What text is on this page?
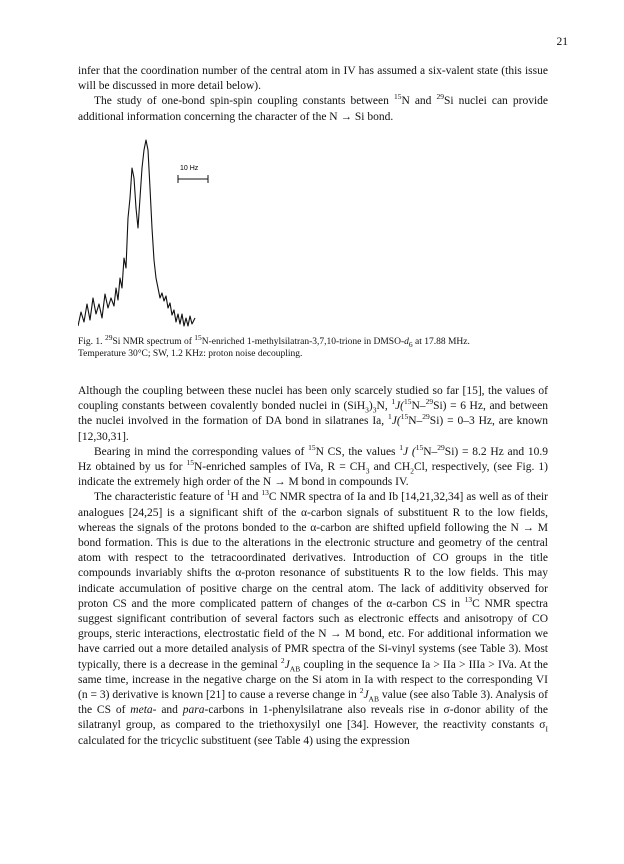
21

infer that the coordination number of the central atom in IV has assumed a six-valent state (this issue will be discussed in more detail below).

The study of one-bond spin-spin coupling constants between $^{15}$N and $^{29}$Si nuclei can provide additional information concerning the character of the N → Si bond.

10 Hz

Fig. 1. $^{29}$Si NMR spectrum of $^{15}$N-enriched 1-methylsilatran-3,7,10-trione in DMSO-$d_6$ at 17.88 MHz.

Temperature 30°C; SW, 1.2 KHz: proton noise decoupling.

Although the coupling between these nuclei has been only scarcely studied so far [15], the values of coupling constants between covalently bonded nuclei in $(SiH_3)_3N$, $^1$J($^{15}$N–$^{29}$Si) = 6 Hz, and between the nuclei involved in the formation of DA bond in silatranes Ia, $^1$J($^{15}$N–$^{29}$Si) = 0–3 Hz, are known [12,30,31].

Bearing in mind the corresponding values of $^{15}$N CS, the values $^1$J ($^{15}$N–$^{29}$Si) = 8.2 Hz and 10.9 Hz obtained by us for $^{15}$N-enriched samples of IVa, $R = CH_3$ and $CH_2Cl$, respectively, (see Fig. 1) indicate the extremely high order of the N → M bond in compounds IV.

The characteristic feature of $^1$H and $^{13}$C NMR spectra of Ia and Ib [14,21,32,34] as well as of their analogues [24,25] is a significant shift of the α-carbon signals of substituent R to the low fields, whereas the signals of the protons bonded to the α-carbon are shifted upfield following the N → M bond formation. This is due to the alterations in the electronic structure and geometry of the central atom with respect to the tetracoordinated derivatives. Introduction of CO groups in the title compounds invariably shifts the α-proton resonance of substituents R to the low fields. This may indicate accumulation of positive charge on the central atom. The lack of additivity observed for proton CS and the more complicated pattern of changes of the α-carbon CS in $^{13}$C NMR spectra suggest significant contribution of several factors such as electronic effects and anisotropy of CO groups, steric interactions, electrostatic field of the N → M bond, etc. For additional information we have carried out a more detailed analysis of PMR spectra of the Si-vinyl systems (see Table 3). Most typically, there is a decrease in the geminal $^2J_{AB}$ coupling in the sequence Ia > IIa > IIIa > IVa. At the same time, increase in the negative charge on the Si atom in Ia with respect to the corresponding VI (n = 3) derivative is known [21] to cause a reverse change in $^2J_{AB}$ value (see also Table 3). Analysis of the CS of meta- and para-carbons in 1-phenylsilatrane also reveals rise in σ-donor ability of the silatranyl group, as compared to the triethoxysilyl one [34]. However, the reactivity constants $\sigma_I$ calculated for the tricyclic substituent (see Table 4) using the expression
